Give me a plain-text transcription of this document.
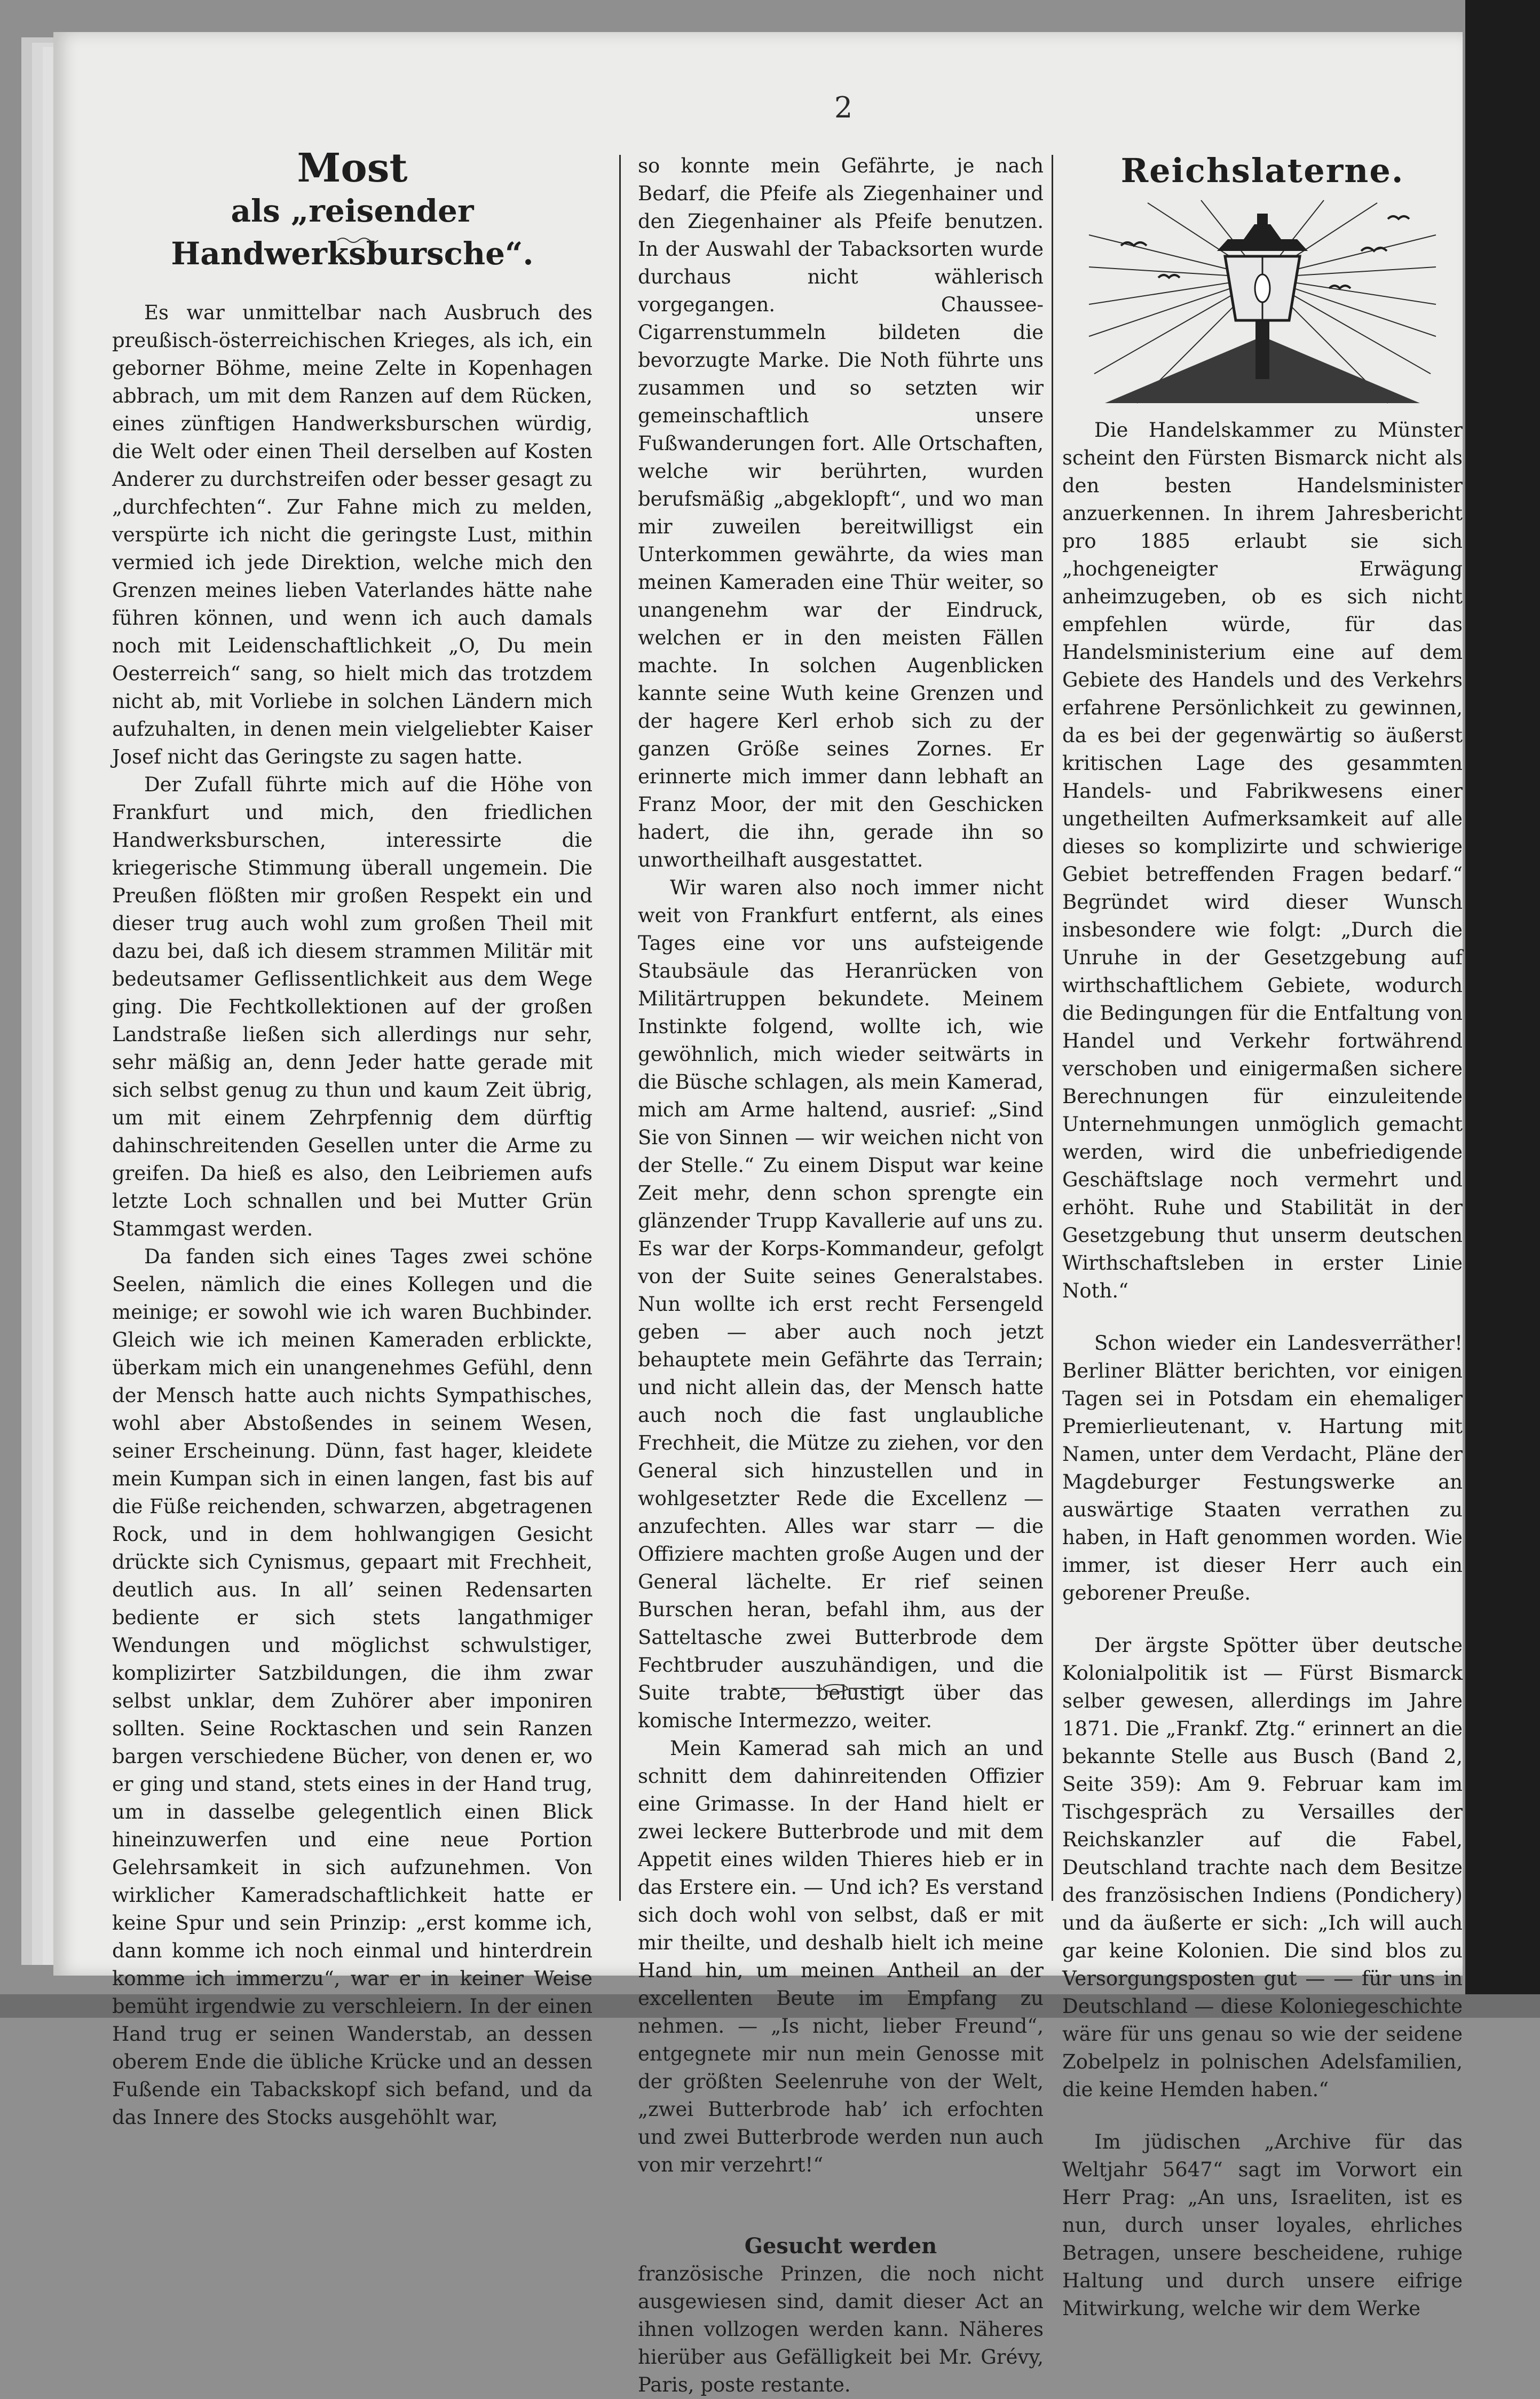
2
Most
als „reisender Handwerksbursche“.

Es war unmittelbar nach Ausbruch des preußisch-österreichischen Krieges, als ich, ein geborner Böhme, meine Zelte in Kopenhagen abbrach, um mit dem Ranzen auf dem Rücken, eines zünftigen Handwerksburschen würdig, die Welt oder einen Theil derselben auf Kosten Anderer zu durchstreifen oder besser gesagt zu „durchfechten“. Zur Fahne mich zu melden, verspürte ich nicht die geringste Lust, mithin vermied ich jede Direktion, welche mich den Grenzen meines lieben Vaterlandes hätte nahe führen können, und wenn ich auch damals noch mit Leidenschaftlichkeit „O, Du mein Oesterreich“ sang, so hielt mich das trotzdem nicht ab, mit Vorliebe in solchen Ländern mich aufzuhalten, in denen mein vielgeliebter Kaiser Josef nicht das Geringste zu sagen hatte.

Der Zufall führte mich auf die Höhe von Frankfurt und mich, den friedlichen Handwerksburschen, interessirte die kriegerische Stimmung überall ungemein. Die Preußen flößten mir großen Respekt ein und dieser trug auch wohl zum großen Theil mit dazu bei, daß ich diesem strammen Militär mit bedeutsamer Geflissentlichkeit aus dem Wege ging. Die Fechtkollektionen auf der großen Landstraße ließen sich allerdings nur sehr, sehr mäßig an, denn Jeder hatte gerade mit sich selbst genug zu thun und kaum Zeit übrig, um mit einem Zehrpfennig dem dürftig dahinschreitenden Gesellen unter die Arme zu greifen. Da hieß es also, den Leibriemen aufs letzte Loch schnallen und bei Mutter Grün Stammgast werden.

Da fanden sich eines Tages zwei schöne Seelen, nämlich die eines Kollegen und die meinige; er sowohl wie ich waren Buchbinder. Gleich wie ich meinen Kameraden erblickte, überkam mich ein unangenehmes Gefühl, denn der Mensch hatte auch nichts Sympathisches, wohl aber Abstoßendes in seinem Wesen, seiner Erscheinung. Dünn, fast hager, kleidete mein Kumpan sich in einen langen, fast bis auf die Füße reichenden, schwarzen, abgetragenen Rock, und in dem hohlwangigen Gesicht drückte sich Cynismus, gepaart mit Frechheit, deutlich aus. In all’ seinen Redensarten bediente er sich stets langathmiger Wendungen und möglichst schwulstiger, komplizirter Satzbildungen, die ihm zwar selbst unklar, dem Zuhörer aber imponiren sollten. Seine Rocktaschen und sein Ranzen bargen verschiedene Bücher, von denen er, wo er ging und stand, stets eines in der Hand trug, um in dasselbe gelegentlich einen Blick hineinzuwerfen und eine neue Portion Gelehrsamkeit in sich aufzunehmen. Von wirklicher Kameradschaftlichkeit hatte er keine Spur und sein Prinzip: „erst komme ich, dann komme ich noch einmal und hinterdrein komme ich immerzu“, war er in keiner Weise bemüht irgendwie zu verschleiern. In der einen Hand trug er seinen Wanderstab, an dessen oberem Ende die übliche Krücke und an dessen Fußende ein Tabackskopf sich befand, und da das Innere des Stocks ausgehöhlt war,

so konnte mein Gefährte, je nach Bedarf, die Pfeife als Ziegenhainer und den Ziegenhainer als Pfeife benutzen. In der Auswahl der Tabacksorten wurde durchaus nicht wählerisch vorgegangen. Chaussee-Cigarrenstummeln bildeten die bevorzugte Marke. Die Noth führte uns zusammen und so setzten wir gemeinschaftlich unsere Fußwanderungen fort. Alle Ortschaften, welche wir berührten, wurden berufsmäßig „abgeklopft“, und wo man mir zuweilen bereitwilligst ein Unterkommen gewährte, da wies man meinen Kameraden eine Thür weiter, so unangenehm war der Eindruck, welchen er in den meisten Fällen machte. In solchen Augenblicken kannte seine Wuth keine Grenzen und der hagere Kerl erhob sich zu der ganzen Größe seines Zornes. Er erinnerte mich immer dann lebhaft an Franz Moor, der mit den Geschicken hadert, die ihn, gerade ihn so unwortheilhaft ausgestattet.

Wir waren also noch immer nicht weit von Frankfurt entfernt, als eines Tages eine vor uns aufsteigende Staubsäule das Heranrücken von Militärtruppen bekundete. Meinem Instinkte folgend, wollte ich, wie gewöhnlich, mich wieder seitwärts in die Büsche schlagen, als mein Kamerad, mich am Arme haltend, ausrief: „Sind Sie von Sinnen — wir weichen nicht von der Stelle.“ Zu einem Disput war keine Zeit mehr, denn schon sprengte ein glänzender Trupp Kavallerie auf uns zu. Es war der Korps-Kommandeur, gefolgt von der Suite seines Generalstabes. Nun wollte ich erst recht Fersengeld geben — aber auch noch jetzt behauptete mein Gefährte das Terrain; und nicht allein das, der Mensch hatte auch noch die fast unglaubliche Frechheit, die Mütze zu ziehen, vor den General sich hinzustellen und in wohlgesetzter Rede die Excellenz — anzufechten. Alles war starr — die Offiziere machten große Augen und der General lächelte. Er rief seinen Burschen heran, befahl ihm, aus der Satteltasche zwei Butterbrode dem Fechtbruder auszuhändigen, und die Suite trabte, belustigt über das komische Intermezzo, weiter.

Mein Kamerad sah mich an und schnitt dem dahinreitenden Offizier eine Grimasse. In der Hand hielt er zwei leckere Butterbrode und mit dem Appetit eines wilden Thieres hieb er in das Erstere ein. — Und ich? Es verstand sich doch wohl von selbst, daß er mit mir theilte, und deshalb hielt ich meine Hand hin, um meinen Antheil an der excellenten Beute im Empfang zu nehmen. — „Is nicht, lieber Freund“, entgegnete mir nun mein Genosse mit der größten Seelenruhe von der Welt, „zwei Butterbrode hab’ ich erfochten und zwei Butterbrode werden nun auch von mir verzehrt!“

Gesucht werden

französische Prinzen, die noch nicht ausgewiesen sind, damit dieser Act an ihnen vollzogen werden kann. Näheres hierüber aus Gefälligkeit bei Mr. Grévy, Paris, poste restante.

Reichslaterne.

Die Handelskammer zu Münster scheint den Fürsten Bismarck nicht als den besten Handelsminister anzuerkennen. In ihrem Jahresbericht pro 1885 erlaubt sie sich „hochgeneigter Erwägung anheimzugeben, ob es sich nicht empfehlen würde, für das Handelsministerium eine auf dem Gebiete des Handels und des Verkehrs erfahrene Persönlichkeit zu gewinnen, da es bei der gegenwärtig so äußerst kritischen Lage des gesammten Handels- und Fabrikwesens einer ungetheilten Aufmerksamkeit auf alle dieses so komplizirte und schwierige Gebiet betreffenden Fragen bedarf.“ Begründet wird dieser Wunsch insbesondere wie folgt: „Durch die Unruhe in der Gesetzgebung auf wirthschaftlichem Gebiete, wodurch die Bedingungen für die Entfaltung von Handel und Verkehr fortwährend verschoben und einigermaßen sichere Berechnungen für einzuleitende Unternehmungen unmöglich gemacht werden, wird die unbefriedigende Geschäftslage noch vermehrt und erhöht. Ruhe und Stabilität in der Gesetzgebung thut unserm deutschen Wirthschaftsleben in erster Linie Noth.“

Schon wieder ein Landesverräther! Berliner Blätter berichten, vor einigen Tagen sei in Potsdam ein ehemaliger Premierlieutenant, v. Hartung mit Namen, unter dem Verdacht, Pläne der Magdeburger Festungswerke an auswärtige Staaten verrathen zu haben, in Haft genommen worden. Wie immer, ist dieser Herr auch ein geborener Preuße.

Der ärgste Spötter über deutsche Kolonialpolitik ist — Fürst Bismarck selber gewesen, allerdings im Jahre 1871. Die „Frankf. Ztg.“ erinnert an die bekannte Stelle aus Busch (Band 2, Seite 359): Am 9. Februar kam im Tischgespräch zu Versailles der Reichskanzler auf die Fabel, Deutschland trachte nach dem Besitze des französischen Indiens (Pondichery) und da äußerte er sich: „Ich will auch gar keine Kolonien. Die sind blos zu Versorgungsposten gut — — für uns in Deutschland — diese Koloniegeschichte wäre für uns genau so wie der seidene Zobelpelz in polnischen Adelsfamilien, die keine Hemden haben.“

Im jüdischen „Archive für das Weltjahr 5647“ sagt im Vorwort ein Herr Prag: „An uns, Israeliten, ist es nun, durch unser loyales, ehrliches Betragen, unsere bescheidene, ruhige Haltung und durch unsere eifrige Mitwirkung, welche wir dem Werke
